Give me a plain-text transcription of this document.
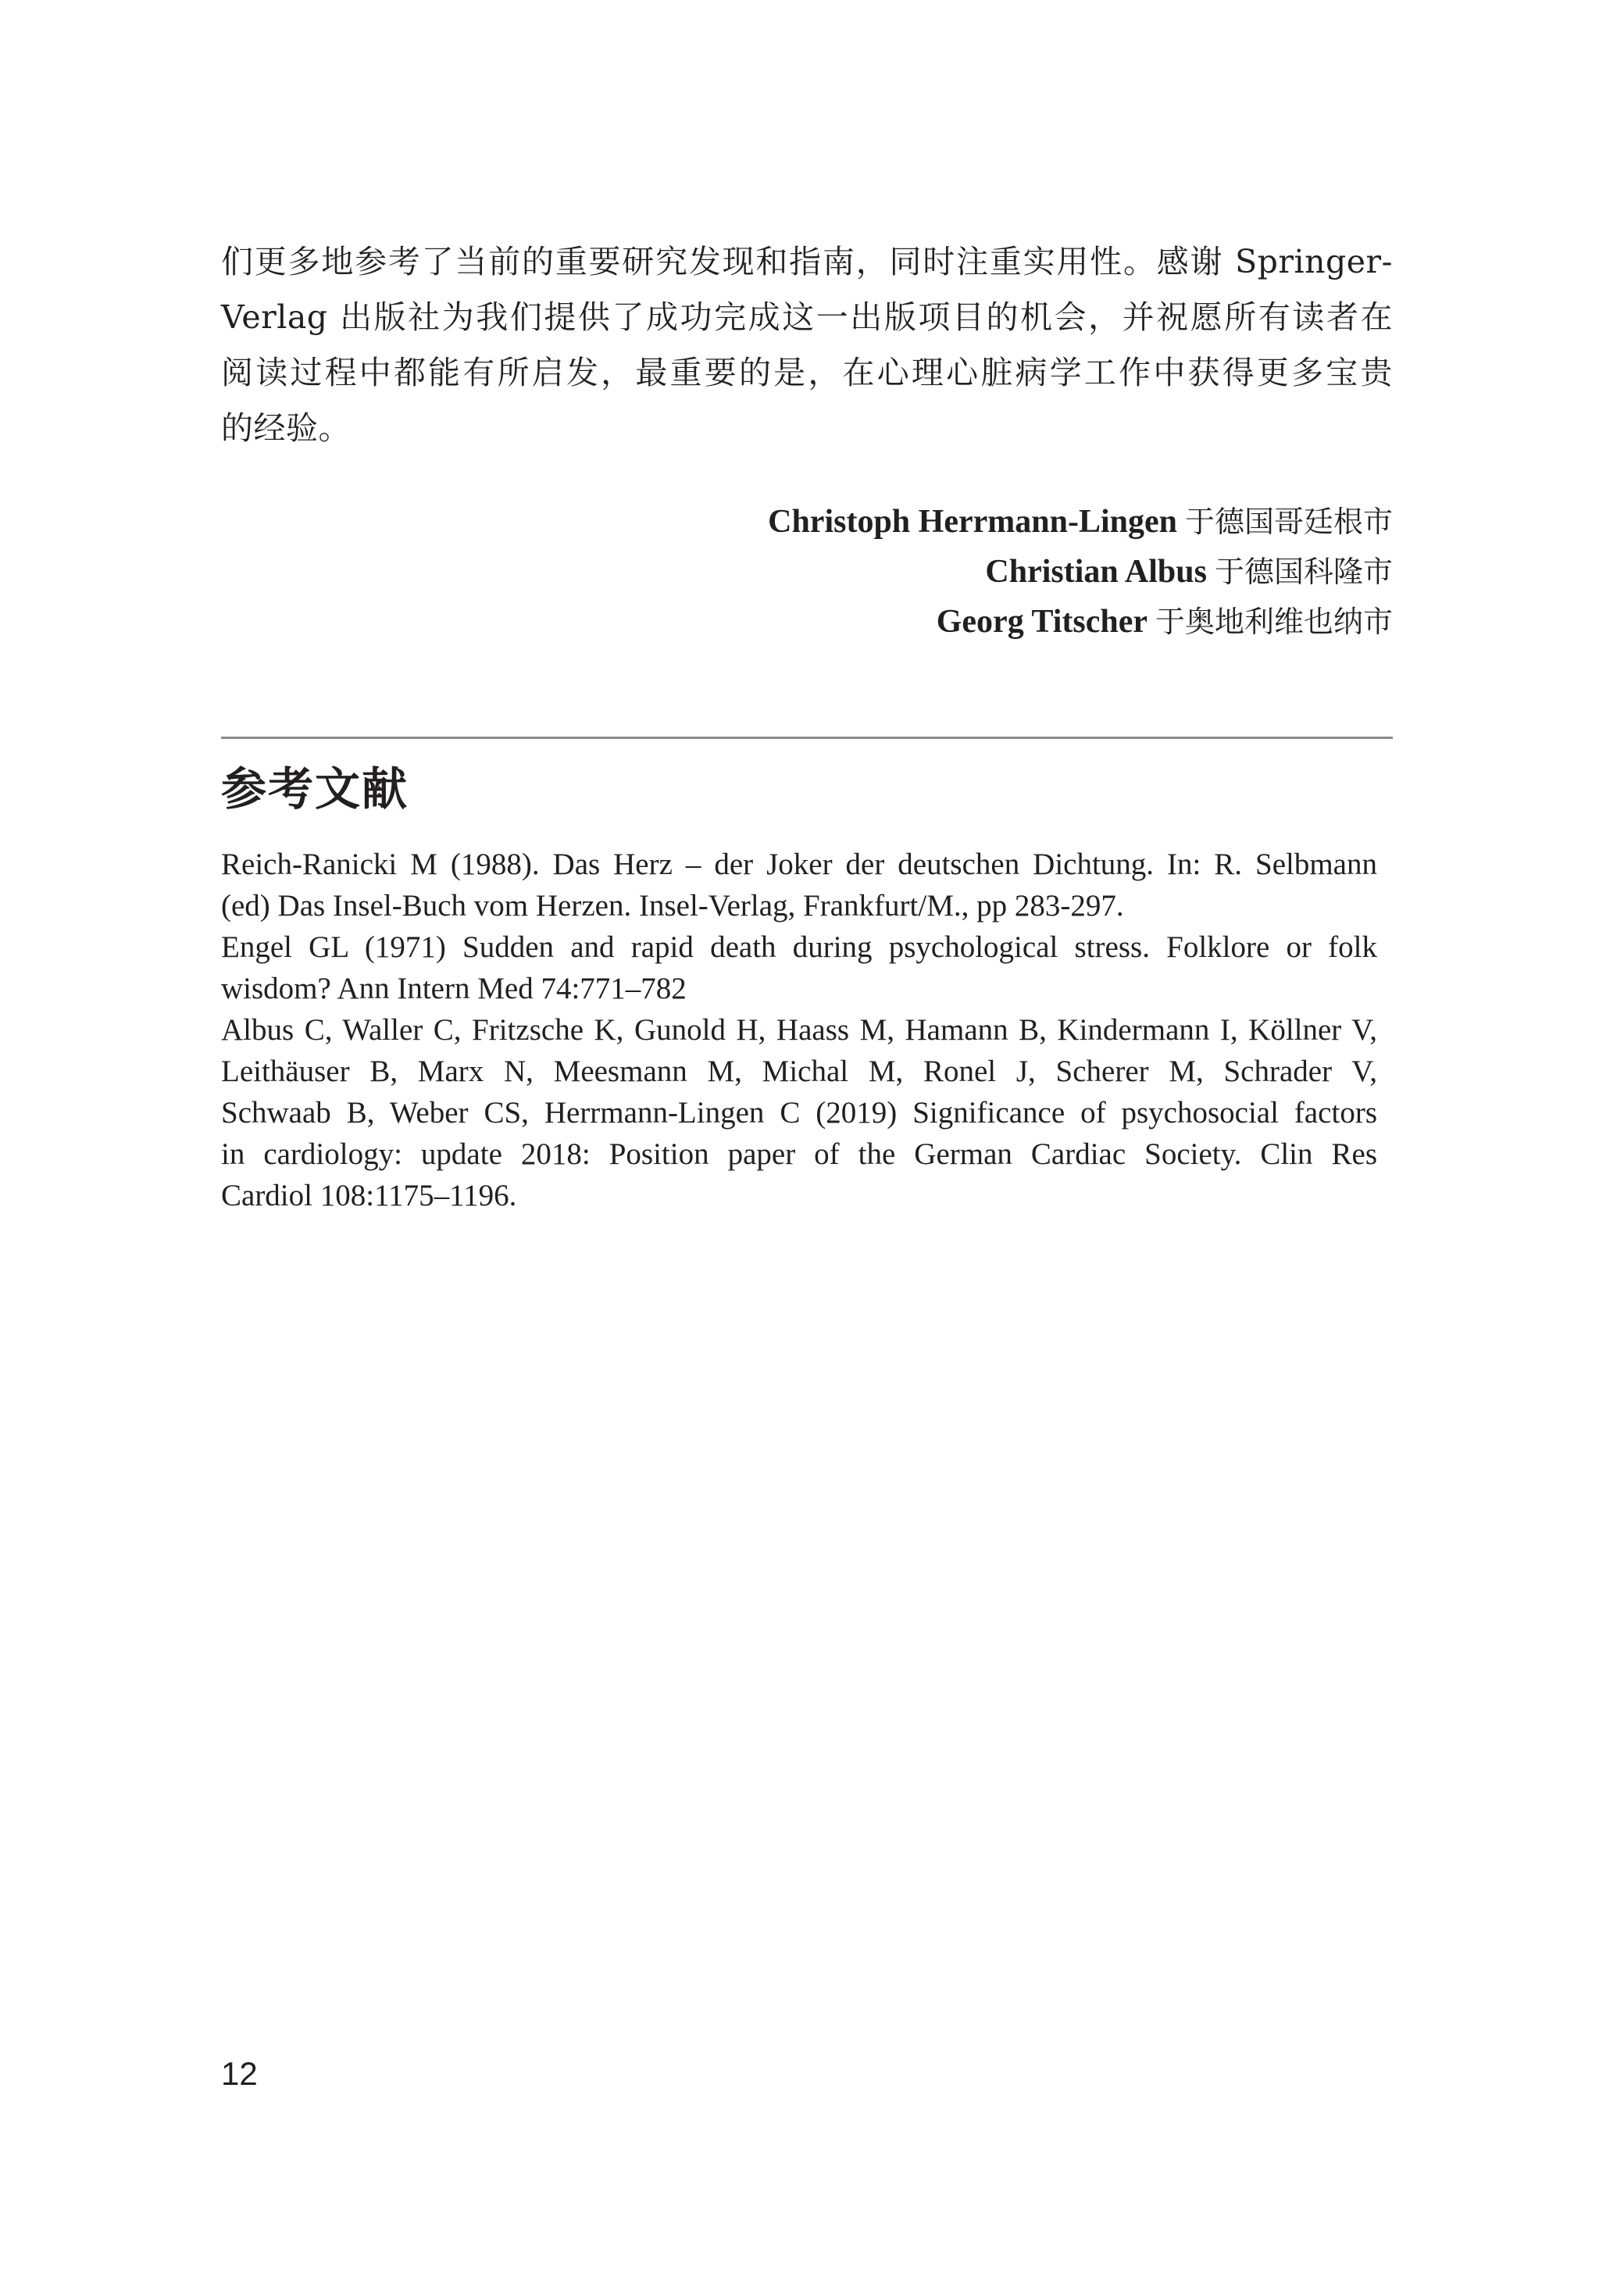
们更多地参考了当前的重要研究发现和指南，同时注重实用性。感谢 Springer-
Verlag 出版社为我们提供了成功完成这一出版项目的机会，并祝愿所有读者在
阅读过程中都能有所启发，最重要的是，在心理心脏病学工作中获得更多宝贵
的经验。

Christoph Herrmann-Lingen 于德国哥廷根市
Christian Albus 于德国科隆市
Georg Titscher 于奥地利维也纳市
参考文献
Reich-Ranicki M (1988). Das Herz – der Joker der deutschen Dichtung. In: R. Selbmann
(ed) Das Insel-Buch vom Herzen. Insel-Verlag, Frankfurt/M., pp 283-297.
Engel GL (1971) Sudden and rapid death during psychological stress. Folklore or folk
wisdom? Ann Intern Med 74:771–782
Albus C, Waller C, Fritzsche K, Gunold H, Haass M, Hamann B, Kindermann I, Köllner V,
Leithäuser B, Marx N, Meesmann M, Michal M, Ronel J, Scherer M, Schrader V,
Schwaab B, Weber CS, Herrmann-Lingen C (2019) Significance of psychosocial factors
in cardiology: update 2018: Position paper of the German Cardiac Society. Clin Res
Cardiol 108:1175–1196.
12
